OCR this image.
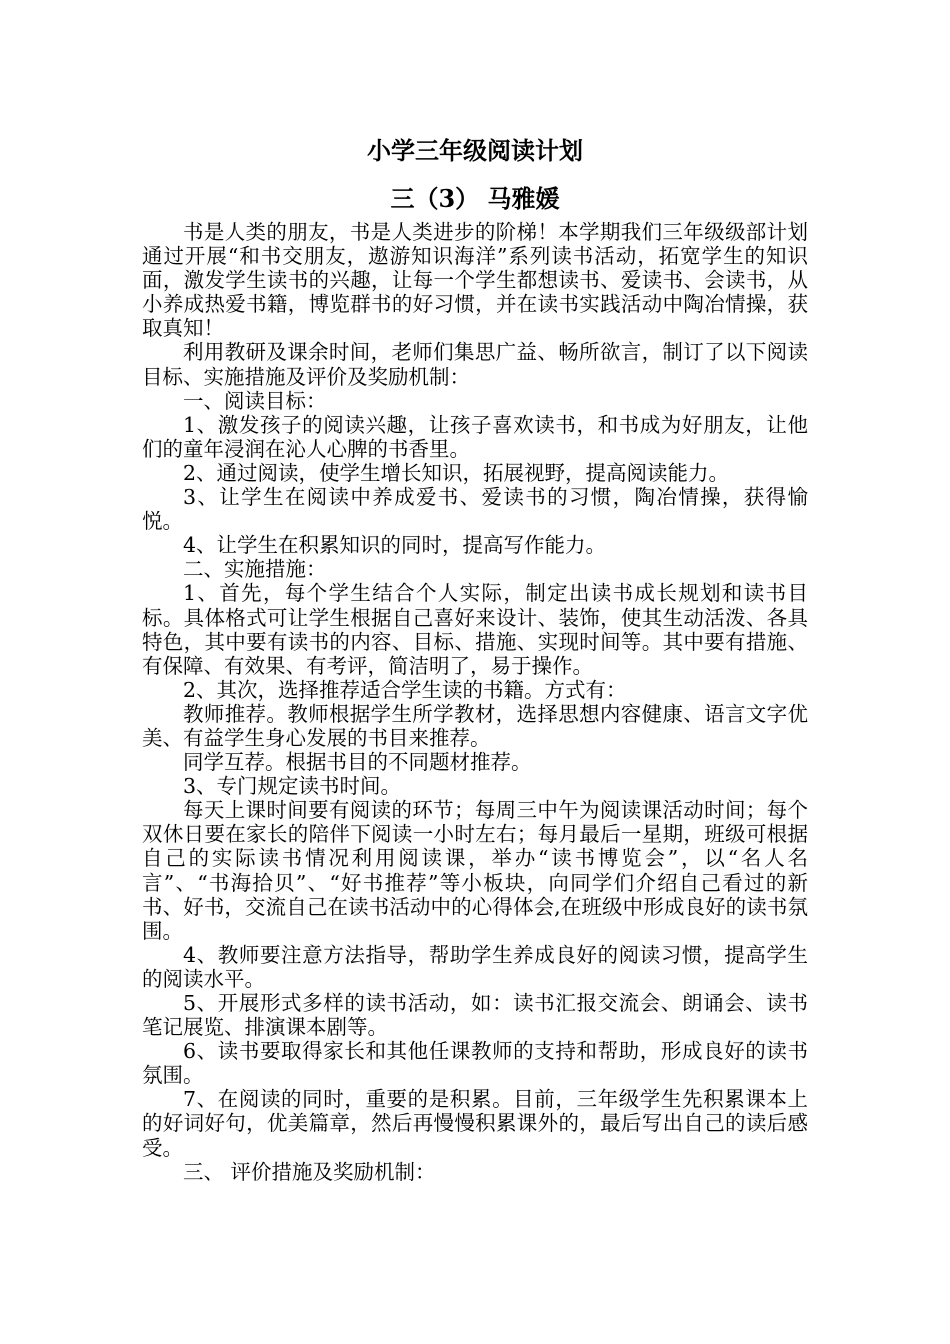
小学三年级阅读计划
三（3） 马雅媛

书是人类的朋友，书是人类进步的阶梯！本学期我们三年级级部计划通过开展“和书交朋友，遨游知识海洋”系列读书活动，拓宽学生的知识面，激发学生读书的兴趣，让每一个学生都想读书、爱读书、会读书，从小养成热爱书籍，博览群书的好习惯，并在读书实践活动中陶冶情操，获取真知！

利用教研及课余时间，老师们集思广益、畅所欲言，制订了以下阅读目标、实施措施及评价及奖励机制：

一、阅读目标：

1、激发孩子的阅读兴趣，让孩子喜欢读书，和书成为好朋友，让他们的童年浸润在沁人心脾的书香里。

2、通过阅读，使学生增长知识，拓展视野，提高阅读能力。

3、让学生在阅读中养成爱书、爱读书的习惯，陶冶情操，获得愉悦。

4、让学生在积累知识的同时，提高写作能力。

二、实施措施：

1、首先，每个学生结合个人实际，制定出读书成长规划和读书目标。具体格式可让学生根据自己喜好来设计、装饰，使其生动活泼、各具特色，其中要有读书的内容、目标、措施、实现时间等。其中要有措施、有保障、有效果、有考评，简洁明了，易于操作。

2、其次，选择推荐适合学生读的书籍。方式有：

教师推荐。教师根据学生所学教材，选择思想内容健康、语言文字优美、有益学生身心发展的书目来推荐。

同学互荐。根据书目的不同题材推荐。

3、专门规定读书时间。

每天上课时间要有阅读的环节；每周三中午为阅读课活动时间；每个双休日要在家长的陪伴下阅读一小时左右；每月最后一星期，班级可根据自己的实际读书情况利用阅读课，举办“读书博览会”，以“名人名言”、“书海拾贝”、“好书推荐”等小板块，向同学们介绍自己看过的新书、好书，交流自己在读书活动中的心得体会,在班级中形成良好的读书氛围。

4、教师要注意方法指导，帮助学生养成良好的阅读习惯，提高学生的阅读水平。

5、开展形式多样的读书活动，如：读书汇报交流会、朗诵会、读书笔记展览、排演课本剧等。

6、读书要取得家长和其他任课教师的支持和帮助，形成良好的读书氛围。

7、在阅读的同时，重要的是积累。目前，三年级学生先积累课本上的好词好句，优美篇章，然后再慢慢积累课外的，最后写出自己的读后感受。

三、 评价措施及奖励机制：
